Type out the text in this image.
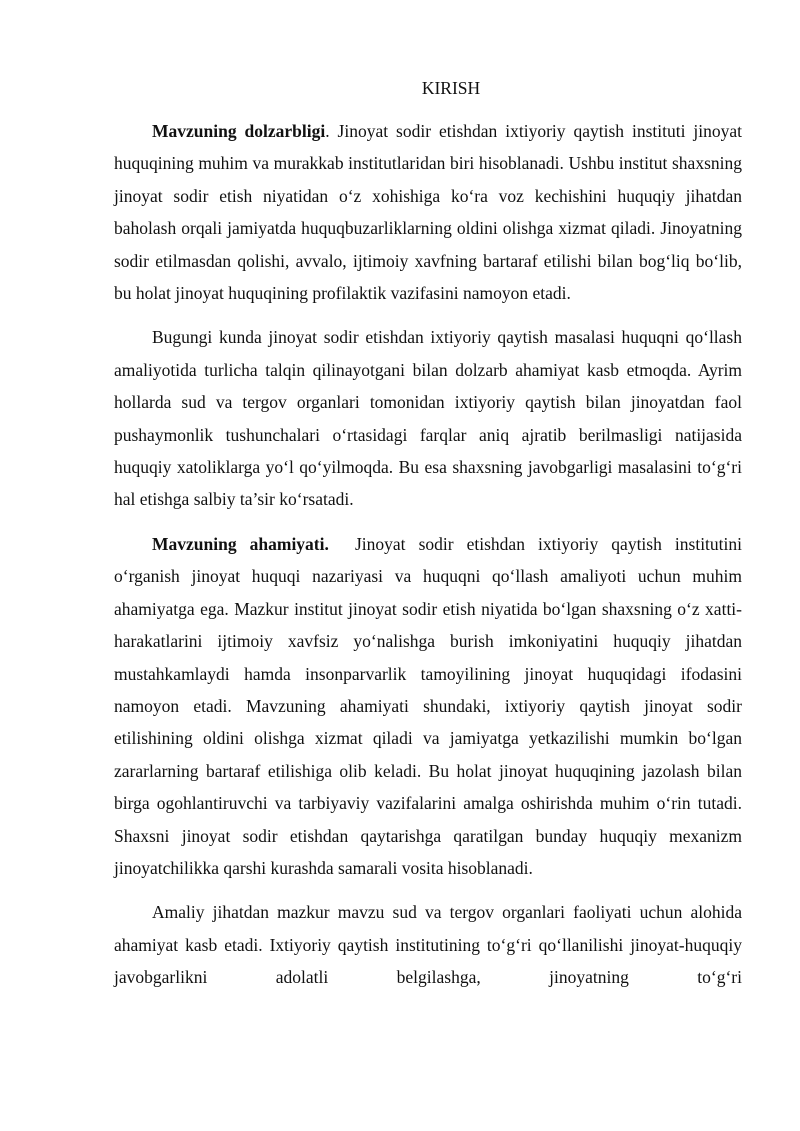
KIRISH

Mavzuning dolzarbligi. Jinoyat sodir etishdan ixtiyoriy qaytish instituti jinoyat huquqining muhim va murakkab institutlaridan biri hisoblanadi. Ushbu institut shaxsning jinoyat sodir etish niyatidan o‘z xohishiga ko‘ra voz kechishini huquqiy jihatdan baholash orqali jamiyatda huquqbuzarliklarning oldini olishga xizmat qiladi. Jinoyatning sodir etilmasdan qolishi, avvalo, ijtimoiy xavfning bartaraf etilishi bilan bog‘liq bo‘lib, bu holat jinoyat huquqining profilaktik vazifasini namoyon etadi.

Bugungi kunda jinoyat sodir etishdan ixtiyoriy qaytish masalasi huquqni qo‘llash amaliyotida turlicha talqin qilinayotgani bilan dolzarb ahamiyat kasb etmoqda. Ayrim hollarda sud va tergov organlari tomonidan ixtiyoriy qaytish bilan jinoyatdan faol pushaymonlik tushunchalari o‘rtasidagi farqlar aniq ajratib berilmasligi natijasida huquqiy xatoliklarga yo‘l qo‘yilmoqda. Bu esa shaxsning javobgarligi masalasini to‘g‘ri hal etishga salbiy ta’sir ko‘rsatadi.

Mavzuning ahamiyati.  Jinoyat sodir etishdan ixtiyoriy qaytish institutini o‘rganish jinoyat huquqi nazariyasi va huquqni qo‘llash amaliyoti uchun muhim ahamiyatga ega. Mazkur institut jinoyat sodir etish niyatida bo‘lgan shaxsning o‘z xatti-harakatlarini ijtimoiy xavfsiz yo‘nalishga burish imkoniyatini huquqiy jihatdan mustahkamlaydi hamda insonparvarlik tamoyilining jinoyat huquqidagi ifodasini namoyon etadi. Mavzuning ahamiyati shundaki, ixtiyoriy qaytish jinoyat sodir etilishining oldini olishga xizmat qiladi va jamiyatga yetkazilishi mumkin bo‘lgan zararlarning bartaraf etilishiga olib keladi. Bu holat jinoyat huquqining jazolash bilan birga ogohlantiruvchi va tarbiyaviy vazifalarini amalga oshirishda muhim o‘rin tutadi. Shaxsni jinoyat sodir etishdan qaytarishga qaratilgan bunday huquqiy mexanizm jinoyatchilikka qarshi kurashda samarali vosita hisoblanadi.

Amaliy jihatdan mazkur mavzu sud va tergov organlari faoliyati uchun alohida ahamiyat kasb etadi. Ixtiyoriy qaytish institutining to‘g‘ri qo‘llanilishi jinoyat-huquqiy javobgarlikni adolatli belgilashga, jinoyatning to‘g‘ri
